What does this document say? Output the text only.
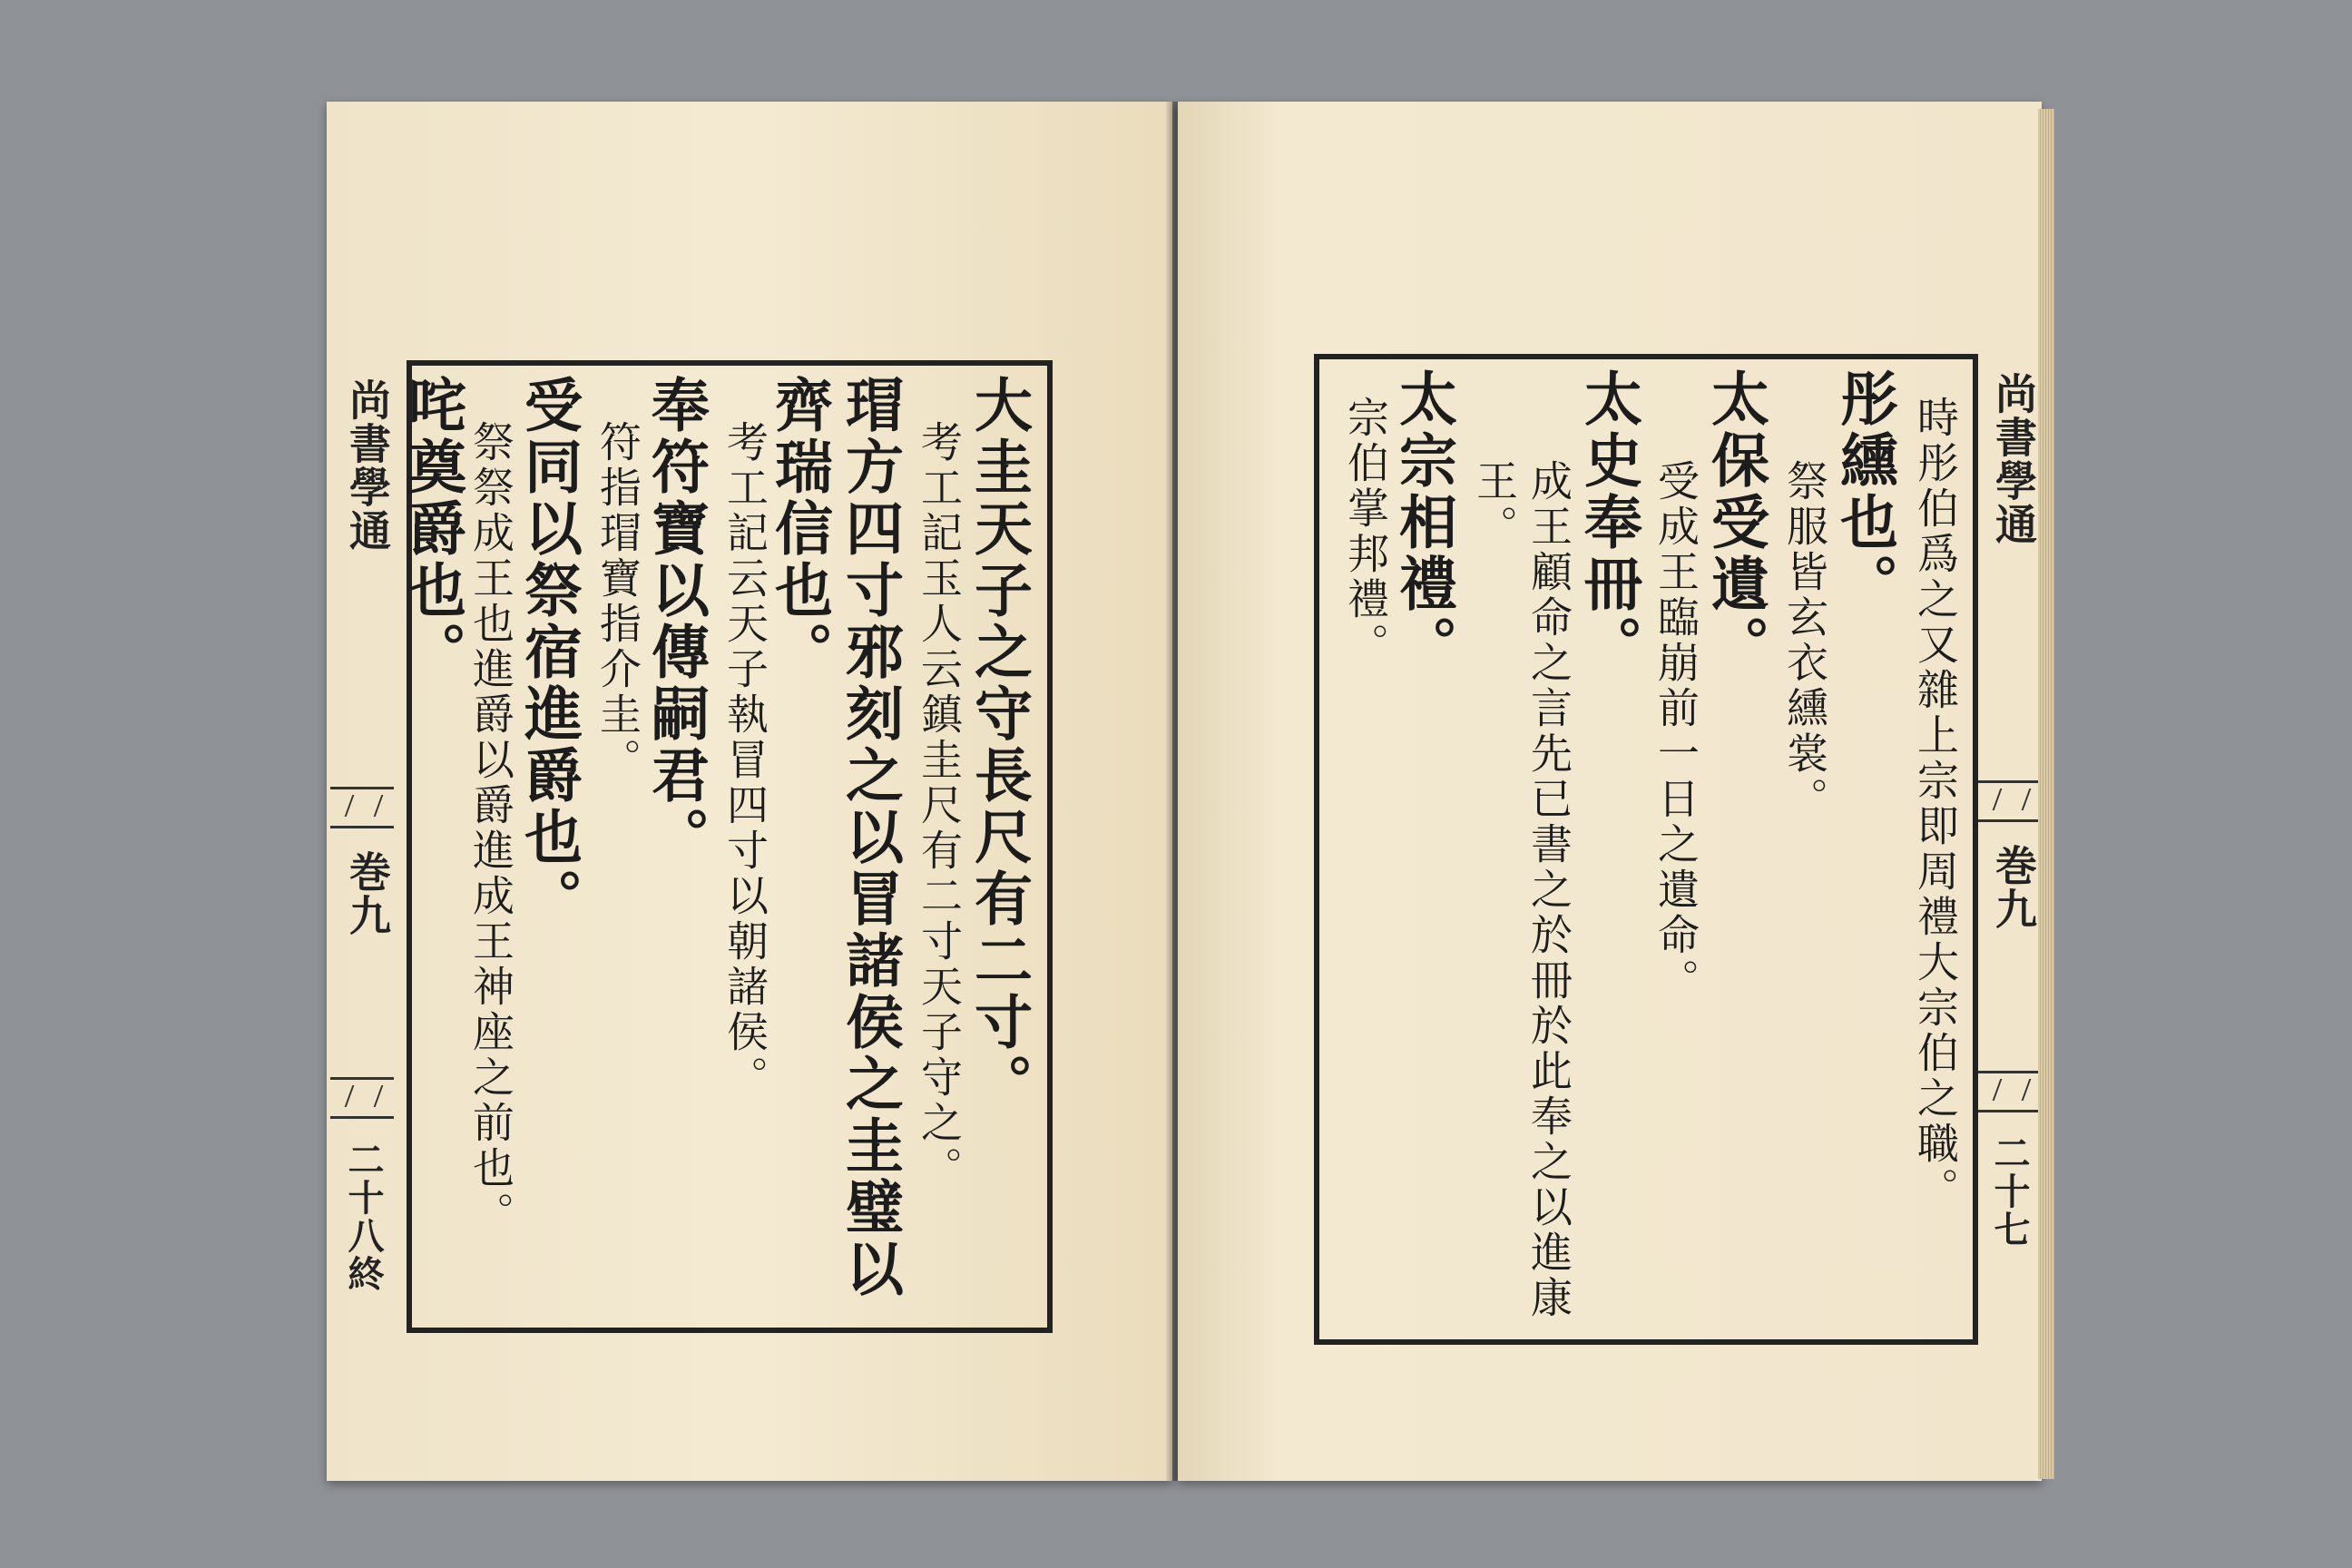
尚書學通
巻九
二十八終
大圭天子之守長尺有二寸。
考工記玉人云鎮圭尺有二寸天子守之。
瑁方四寸邪刻之以冒諸侯之圭璧以
齊瑞信也。
考工記云天子執冒四寸以朝諸侯。
奉符寶以傳嗣君。
符指瑁寶指介圭。
受同以祭宿進爵也。
祭祭成王也進爵以爵進成王神座之前也。
咤奠爵也。
　	時彤伯爲之又雜上宗即周禮大宗伯之職。
彤纁也。
祭服皆玄衣纁裳。
太保受遺。
受成王臨崩前一日之遺命。
太史奉冊。
成王顧命之言先已書之於冊於此奉之以進康
王。
太宗相禮。
宗伯掌邦禮。	尚書學通
巻九
二十七
